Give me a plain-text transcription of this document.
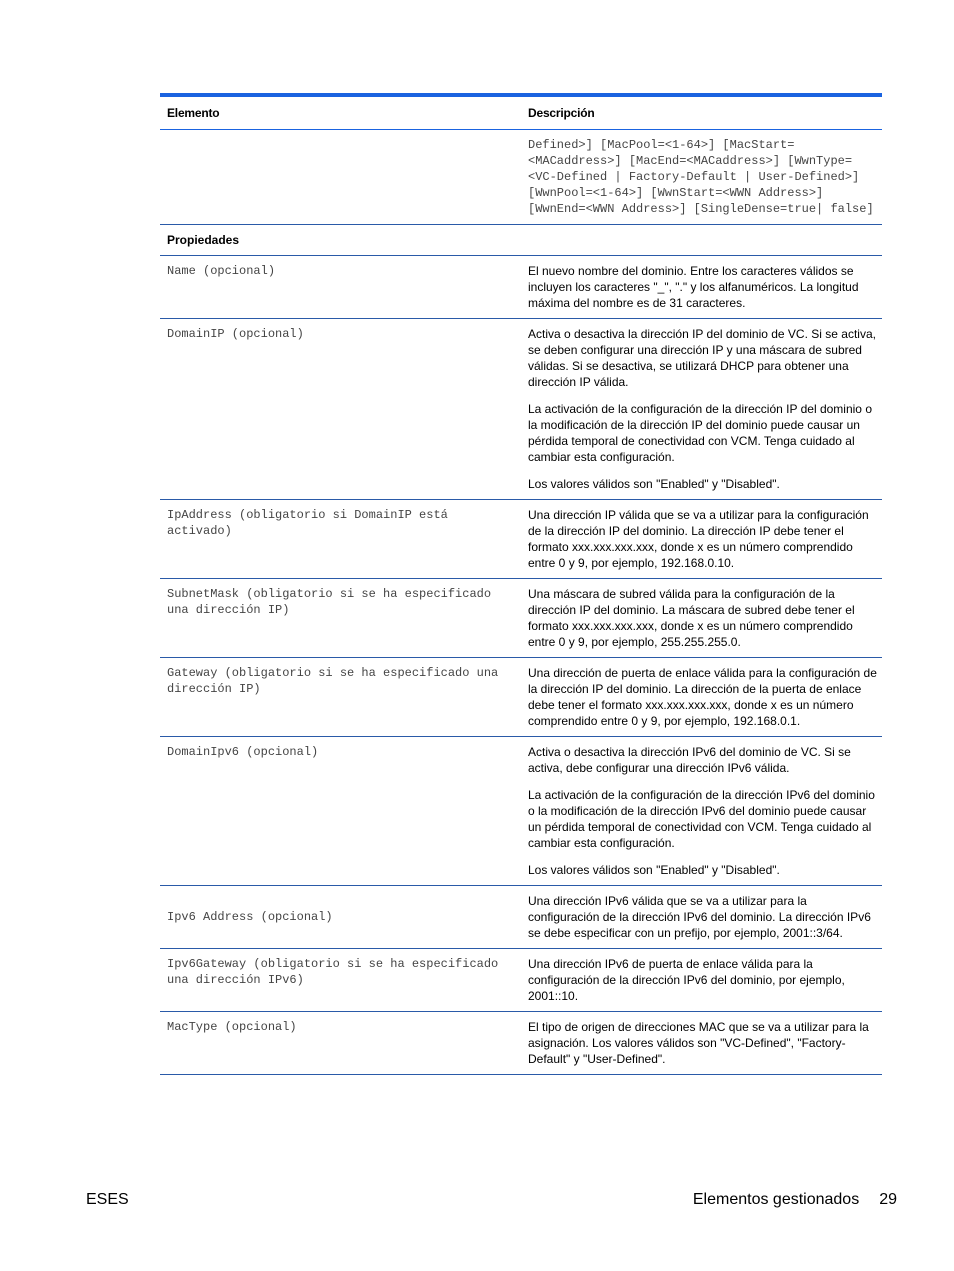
Elemento	Descripción
	Defined>] [MacPool=<1-64>] [MacStart=<MACaddress>] [MacEnd=<MACaddress>] [WwnType=<VC-Defined | Factory-Default | User-Defined>] [WwnPool=<1-64>] [WwnStart=<WWN Address>] [WwnEnd=<WWN Address>] [SingleDense=true| false]
Propiedades	
Name (opcional)	El nuevo nombre del dominio. Entre los caracteres válidos se incluyen los caracteres "_", "." y los alfanuméricos. La longitud máxima del nombre es de 31 caracteres.

DomainIP (opcional)	Activa o desactiva la dirección IP del dominio de VC. Si se activa, se deben configurar una dirección IP y una máscara de subred válidas. Si se desactiva, se utilizará DHCP para obtener una dirección IP válida.

La activación de la configuración de la dirección IP del dominio o la modificación de la dirección IP del dominio puede causar un pérdida temporal de conectividad con VCM. Tenga cuidado al cambiar esta configuración.

Los valores válidos son "Enabled" y "Disabled".

IpAddress (obligatorio si DomainIP está activado)	Una dirección IP válida que se va a utilizar para la configuración de la dirección IP del dominio. La dirección IP debe tener el formato xxx.xxx.xxx.xxx, donde x es un número comprendido entre 0 y 9, por ejemplo, 192.168.0.10.

SubnetMask (obligatorio si se ha especificado una dirección IP)	Una máscara de subred válida para la configuración de la dirección IP del dominio. La máscara de subred debe tener el formato xxx.xxx.xxx.xxx, donde x es un número comprendido entre 0 y 9, por ejemplo, 255.255.255.0.

Gateway (obligatorio si se ha especificado una dirección IP)	Una dirección de puerta de enlace válida para la configuración de la dirección IP del dominio. La dirección de la puerta de enlace debe tener el formato xxx.xxx.xxx.xxx, donde x es un número comprendido entre 0 y 9, por ejemplo, 192.168.0.1.

DomainIpv6 (opcional)	Activa o desactiva la dirección IPv6 del dominio de VC. Si se activa, debe configurar una dirección IPv6 válida.

La activación de la configuración de la dirección IPv6 del dominio o la modificación de la dirección IPv6 del dominio puede causar un pérdida temporal de conectividad con VCM. Tenga cuidado al cambiar esta configuración.

Los valores válidos son "Enabled" y "Disabled".

Ipv6 Address (opcional)	Una dirección IPv6 válida que se va a utilizar para la configuración de la dirección IPv6 del dominio. La dirección IPv6 se debe especificar con un prefijo, por ejemplo, 2001::3/64.

Ipv6Gateway (obligatorio si se ha especificado una dirección IPv6)	Una dirección IPv6 de puerta de enlace válida para la configuración de la dirección IPv6 del dominio, por ejemplo, 2001::10.

MacType (opcional)	El tipo de origen de direcciones MAC que se va a utilizar para la asignación. Los valores válidos son "VC-Defined", "Factory-Default" y "User-Defined".

ESES	Elementos gestionados 29
